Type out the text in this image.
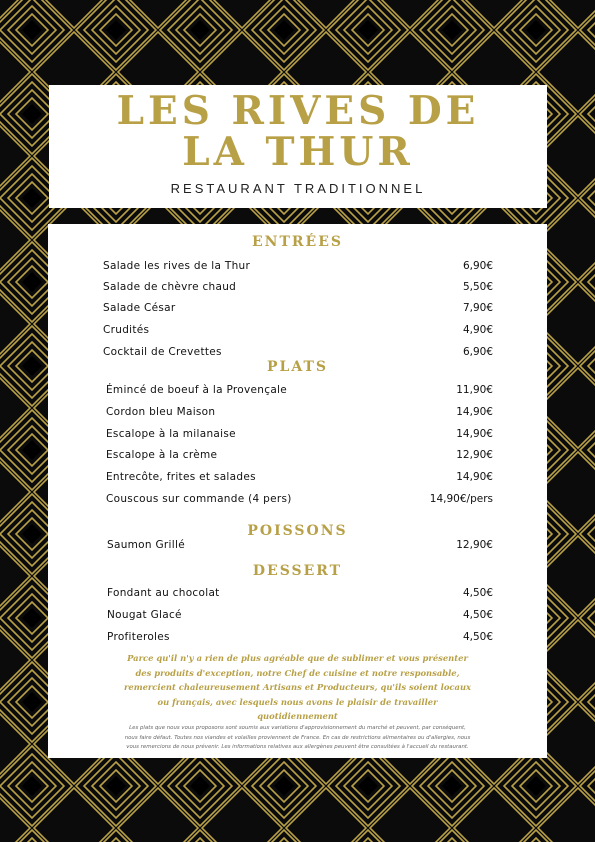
LES RIVES DE
LA THUR
RESTAURANT TRADITIONNEL
ENTRÉES
Salade les rives de la Thur	6,90€
Salade de chèvre chaud	5,50€
Salade César	7,90€
Crudités	4,90€
Cocktail de Crevettes	6,90€
PLATS
Émincé de boeuf à la Provençale	11,90€
Cordon bleu Maison	14,90€
Escalope à la milanaise	14,90€
Escalope à la crème	12,90€
Entrecôte, frites et salades	14,90€
Couscous sur commande (4 pers)	14,90€/pers
POISSONS
Saumon Grillé	12,90€
DESSERT
Fondant au chocolat	4,50€
Nougat Glacé	4,50€
Profiteroles	4,50€
Parce qu'il n'y a rien de plus agréable que de sublimer et vous présenter
des produits d'exception, notre Chef de cuisine et notre responsable,
remercient chaleureusement Artisans et Producteurs, qu'ils soient locaux
ou français, avec lesquels nous avons le plaisir de travailler
quotidiennement
Les plats que nous vous proposons sont soumis aux variations d'approvisionnement du marché et peuvent, par conséquent,
nous faire défaut. Toutes nos viandes et volailles proviennent de France. En cas de restrictions alimentaires ou d'allergies, nous
vous remercions de nous prévenir. Les informations relatives aux allergènes peuvent être consultées à l'accueil du restaurant.
